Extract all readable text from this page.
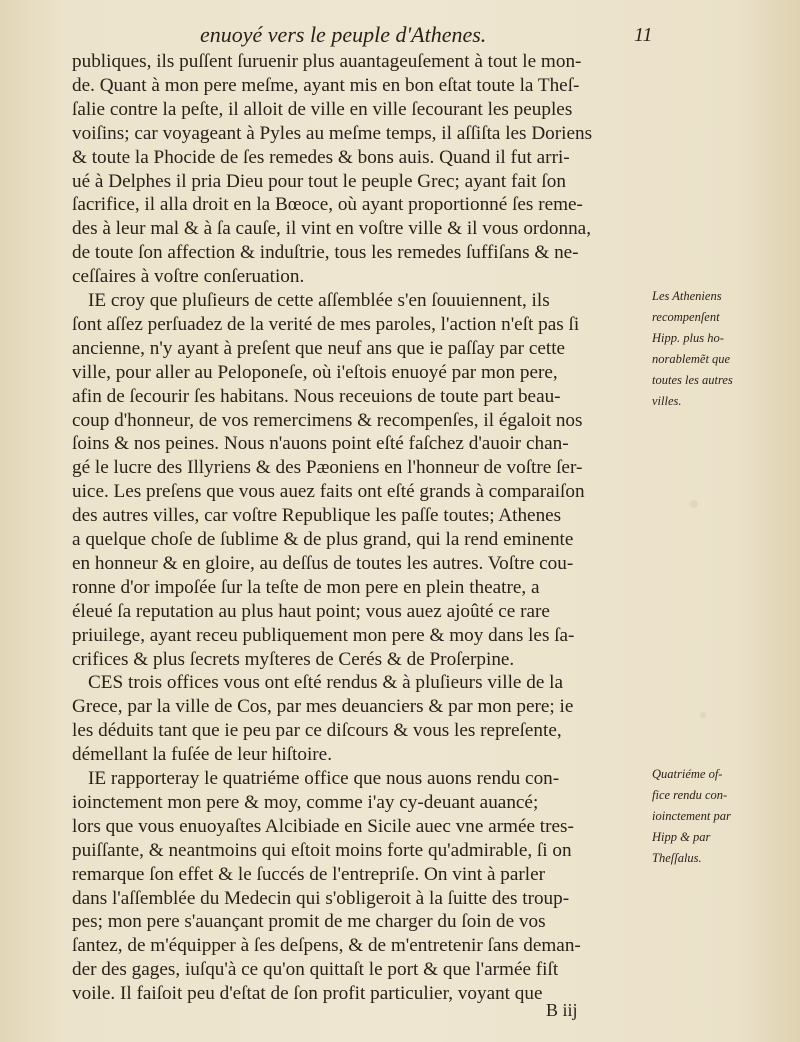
enuoyé vers le peuple d'Athenes.	11
publiques, ils puſſent ſuruenir plus auantageuſement à tout le mon-
de. Quant à mon pere meſme, ayant mis en bon eſtat toute la Theſ-
ſalie contre la peſte, il alloit de ville en ville ſecourant les peuples
voiſins; car voyageant à Pyles au meſme temps, il aſſiſta les Doriens
& toute la Phocide de ſes remedes & bons auis. Quand il fut arri-
ué à Delphes il pria Dieu pour tout le peuple Grec; ayant fait ſon
ſacrifice, il alla droit en la Bœoce, où ayant proportionné ſes reme-
des à leur mal & à ſa cauſe, il vint en voſtre ville & il vous ordonna,
de toute ſon affection & induſtrie, tous les remedes ſuffiſans & ne-
ceſſaires à voſtre conſeruation.
IE croy que pluſieurs de cette aſſemblée s'en ſouuiennent, ils
ſont aſſez perſuadez de la verité de mes paroles, l'action n'eſt pas ſi
ancienne, n'y ayant à preſent que neuf ans que ie paſſay par cette
ville, pour aller au Peloponeſe, où i'eſtois enuoyé par mon pere,
afin de ſecourir ſes habitans. Nous receuions de toute part beau-
coup d'honneur, de vos remercimens & recompenſes, il égaloit nos
ſoins & nos peines. Nous n'auons point eſté faſchez d'auoir chan-
gé le lucre des Illyriens & des Pæoniens en l'honneur de voſtre ſer-
uice. Les preſens que vous auez faits ont eſté grands à comparaiſon
des autres villes, car voſtre Republique les paſſe toutes; Athenes
a quelque choſe de ſublime & de plus grand, qui la rend eminente
en honneur & en gloire, au deſſus de toutes les autres. Voſtre cou-
ronne d'or impoſée ſur la teſte de mon pere en plein theatre, a
éleué ſa reputation au plus haut point; vous auez ajoûté ce rare
priuilege, ayant receu publiquement mon pere & moy dans les ſa-
crifices & plus ſecrets myſteres de Cerés & de Proſerpine.
CES trois offices vous ont eſté rendus & à pluſieurs ville de la
Grece, par la ville de Cos, par mes deuanciers & par mon pere; ie
les déduits tant que ie peu par ce diſcours & vous les repreſente,
démellant la fuſée de leur hiſtoire.
IE rapporteray le quatriéme office que nous auons rendu con-
ioinctement mon pere & moy, comme i'ay cy-deuant auancé;
lors que vous enuoyaſtes Alcibiade en Sicile auec vne armée tres-
puiſſante, & neantmoins qui eſtoit moins forte qu'admirable, ſi on
remarque ſon effet & le ſuccés de l'entrepriſe. On vint à parler
dans l'aſſemblée du Medecin qui s'obligeroit à la ſuitte des troup-
pes; mon pere s'auançant promit de me charger du ſoin de vos
ſantez, de m'équipper à ſes deſpens, & de m'entretenir ſans deman-
der des gages, iuſqu'à ce qu'on quittaſt le port & que l'armée fiſt
voile. Il faiſoit peu d'eſtat de ſon profit particulier, voyant que
Les Atheniens
recompenſent
Hipp. plus ho-
norablemẽt que
toutes les autres
villes.
Quatriéme of-
fice rendu con-
ioinctement par
Hipp & par
Theſſalus.
B iij
